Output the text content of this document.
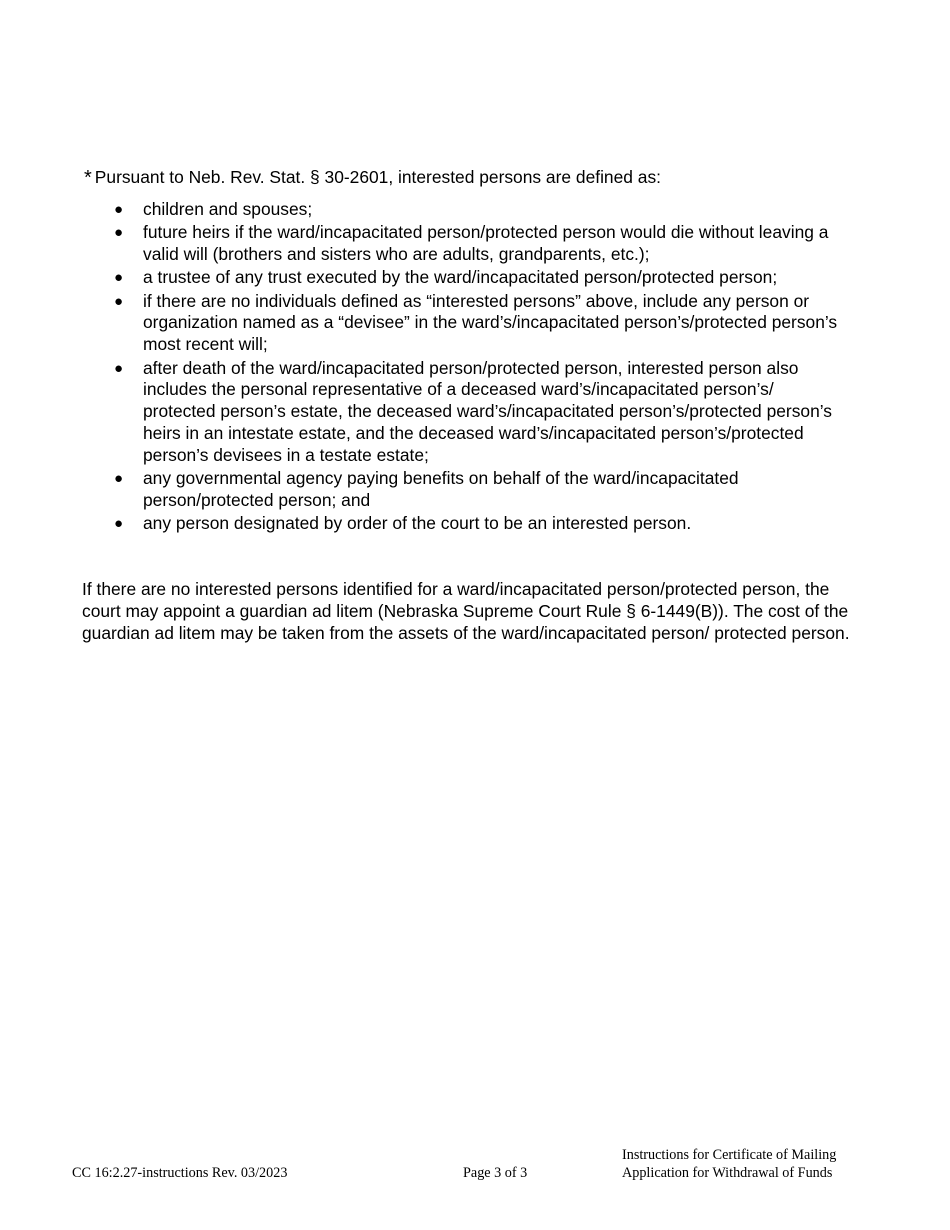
* Pursuant to Neb. Rev. Stat. § 30-2601, interested persons are defined as:
● children and spouses;
● future heirs if the ward/incapacitated person/protected person would die without leaving a valid will (brothers and sisters who are adults, grandparents, etc.);
● a trustee of any trust executed by the ward/incapacitated person/protected person;
● if there are no individuals defined as “interested persons” above, include any person or organization named as a “devisee” in the ward’s/incapacitated person’s/protected person’s most recent will;
● after death of the ward/incapacitated person/protected person, interested person also includes the personal representative of a deceased ward’s/incapacitated person’s/ protected person’s estate, the deceased ward’s/incapacitated person’s/protected person’s heirs in an intestate estate, and the deceased ward’s/incapacitated person’s/protected person’s devisees in a testate estate;
● any governmental agency paying benefits on behalf of the ward/incapacitated person/protected person; and
● any person designated by order of the court to be an interested person.

If there are no interested persons identified for a ward/incapacitated person/protected person, the court may appoint a guardian ad litem (Nebraska Supreme Court Rule § 6-1449(B)). The cost of the guardian ad litem may be taken from the assets of the ward/incapacitated person/ protected person.

CC 16:2.27-instructions Rev. 03/2023	Page 3 of 3
Instructions for Certificate of Mailing
Application for Withdrawal of Funds
